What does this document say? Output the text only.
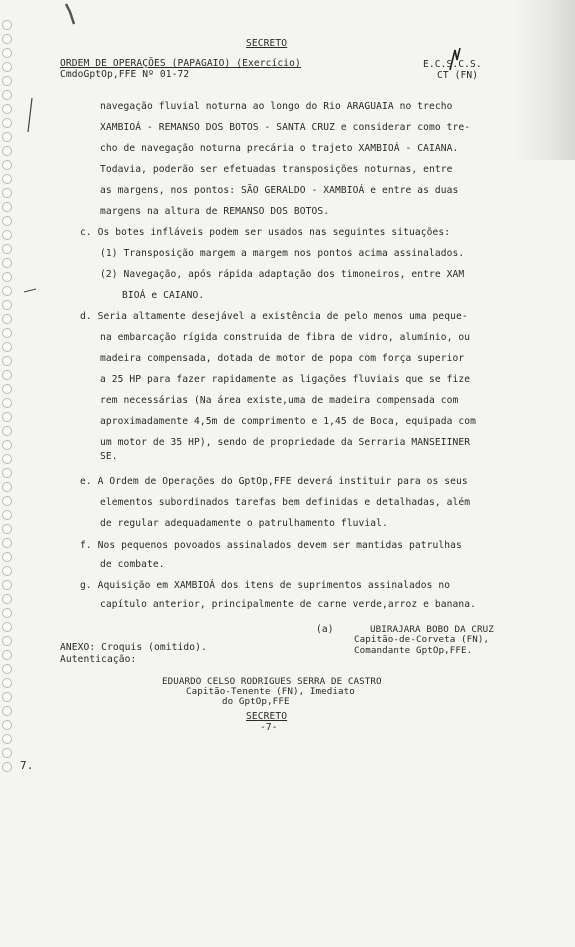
SECRETO
ORDEM DE OPERAÇÕES (PAPAGAIO) (Exercício)
CmdoGptOp,FFE Nº 01-72
E.C.S.C.S.
CT (FN)
navegação fluvial noturna ao longo do Rio ARAGUAIA no trecho
XAMBIOÁ - REMANSO DOS BOTOS - SANTA CRUZ e considerar como tre-
cho de navegação noturna precária o trajeto XAMBIOÁ - CAIANA.
Todavia, poderão ser efetuadas transposições noturnas, entre
as margens, nos pontos: SÃO GERALDO - XAMBIOÁ e entre as duas
margens na altura de REMANSO DOS BOTOS.
c. Os botes infláveis podem ser usados nas seguintes situações:
(1) Transposição margem a margem nos pontos acima assinalados.
(2) Navegação, após rápida adaptação dos timoneiros, entre XAM
BIOÁ e CAIANO.
d. Seria altamente desejável a existência de pelo menos uma peque-
na embarcação rígida construida de fibra de vidro, alumínio, ou
madeira compensada, dotada de motor de popa com força superior
a 25 HP para fazer rapidamente as ligações fluviais que se fize
rem necessárias (Na área existe,uma de madeira compensada com
aproximadamente 4,5m de comprimento e 1,45 de Boca, equipada com
um motor de 35 HP), sendo de propriedade da Serraria MANSEIINER
SE.
e. A Ordem de Operações do GptOp,FFE deverá instituir para os seus
elementos subordinados tarefas bem definidas e detalhadas, além
de regular adequadamente o patrulhamento fluvial.
f. Nos pequenos povoados assinalados devem ser mantidas patrulhas
de combate.
g. Aquisição em XAMBIOÁ dos itens de suprimentos assinalados no
capítulo anterior, principalmente de carne verde,arroz e banana.
(a)	UBIRAJARA BOBO DA CRUZ
Capitão-de-Corveta (FN),
Comandante GptOp,FFE.
ANEXO: Croquis (omitido).
Autenticação:
EDUARDO CELSO RODRIGUES SERRA DE CASTRO
Capitão-Tenente (FN), Imediato
do GptOp,FFE
SECRETO
-7-
7.
